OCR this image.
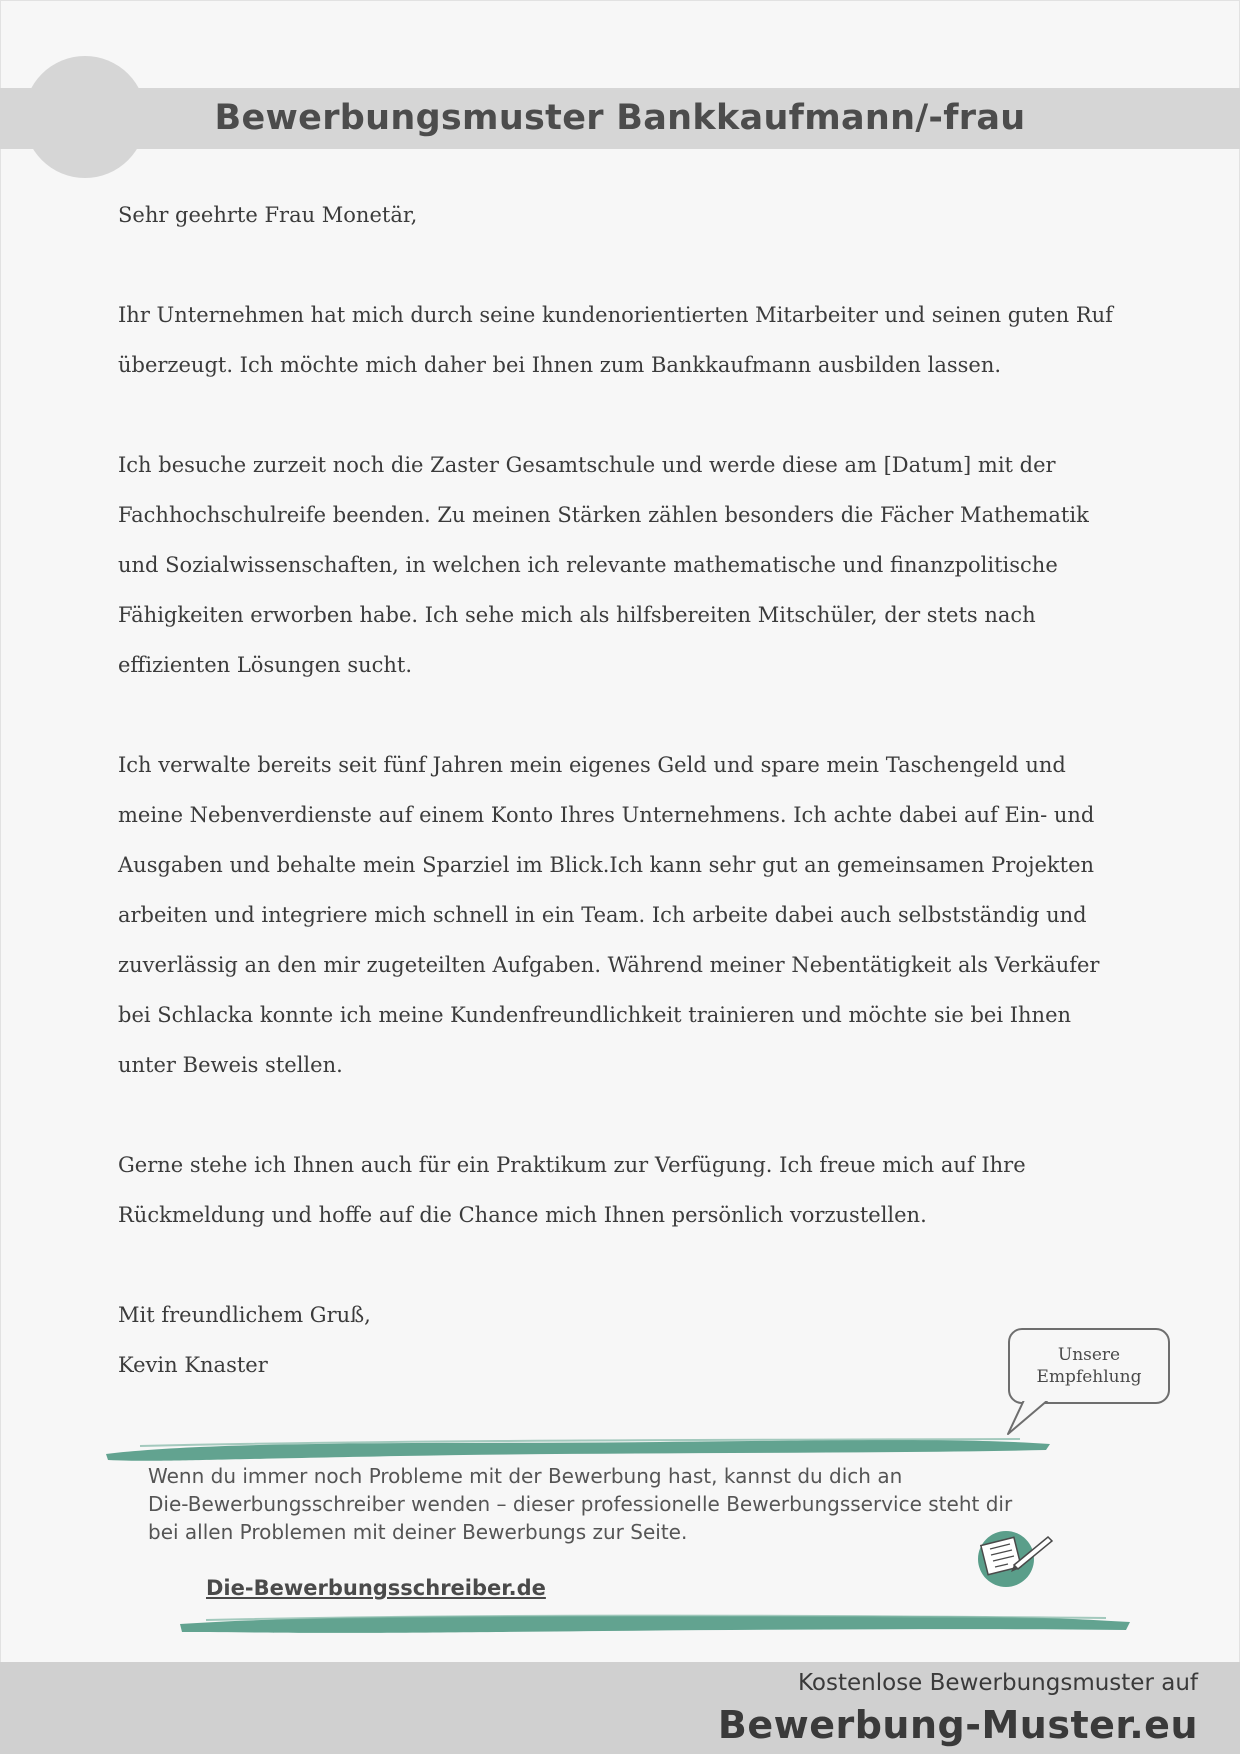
Bewerbungsmuster Bankkaufmann/-frau

Sehr geehrte Frau Monetär,

Ihr Unternehmen hat mich durch seine kundenorientierten Mitarbeiter und seinen guten Ruf

überzeugt. Ich möchte mich daher bei Ihnen zum Bankkaufmann ausbilden lassen.

Ich besuche zurzeit noch die Zaster Gesamtschule und werde diese am [Datum] mit der

Fachhochschulreife beenden. Zu meinen Stärken zählen besonders die Fächer Mathematik

und Sozialwissenschaften, in welchen ich relevante mathematische und finanzpolitische

Fähigkeiten erworben habe. Ich sehe mich als hilfsbereiten Mitschüler, der stets nach

effizienten Lösungen sucht.

Ich verwalte bereits seit fünf Jahren mein eigenes Geld und spare mein Taschengeld und

meine Nebenverdienste auf einem Konto Ihres Unternehmens. Ich achte dabei auf Ein- und

Ausgaben und behalte mein Sparziel im Blick.Ich kann sehr gut an gemeinsamen Projekten

arbeiten und integriere mich schnell in ein Team. Ich arbeite dabei auch selbstständig und

zuverlässig an den mir zugeteilten Aufgaben. Während meiner Nebentätigkeit als Verkäufer

bei Schlacka konnte ich meine Kundenfreundlichkeit trainieren und möchte sie bei Ihnen

unter Beweis stellen.

Gerne stehe ich Ihnen auch für ein Praktikum zur Verfügung. Ich freue mich auf Ihre

Rückmeldung und hoffe auf die Chance mich Ihnen persönlich vorzustellen.

Mit freundlichem Gruß,

Kevin Knaster	Unsere
Empfehlung
Wenn du immer noch Probleme mit der Bewerbung hast, kannst du dich an
Die-Bewerbungsschreiber wenden – dieser professionelle Bewerbungsservice steht dir
bei allen Problemen mit deiner Bewerbungs zur Seite.
Die-Bewerbungsschreiber.de
Kostenlose Bewerbungsmuster auf
Bewerbung-Muster.eu
